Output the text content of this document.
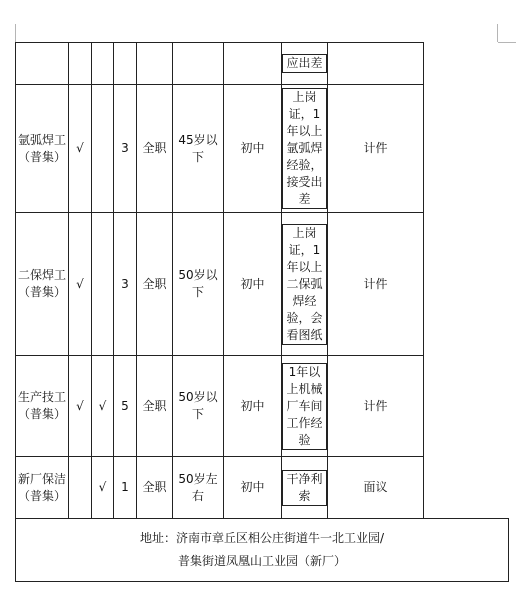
							应出差		

氩弧焊工（普集）	√		3	全职	45岁以下	初中	上岗证，1年以上氩弧焊经验，接受出差	计件	
二保焊工（普集）	√		3	全职	50岁以下	初中	上岗证，1年以上二保弧焊经验，会看图纸	计件	
生产技工（普集）	√	√	5	全职	50岁以下	初中	1年以上机械厂车间工作经验	计件	
新厂保洁（普集）		√	1	全职	50岁左右	初中	干净利索	面议	

地址：济南市章丘区相公庄街道牛一北工业园/
普集街道凤凰山工业园（新厂）									
